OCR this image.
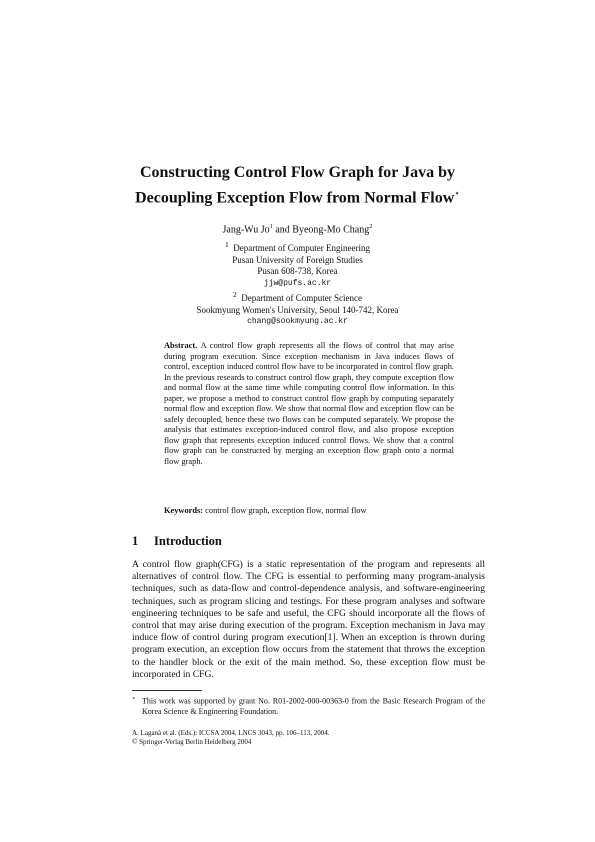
Constructing Control Flow Graph for Java by
Decoupling Exception Flow from Normal Flow⋆
Jang-Wu Jo$^1$ and Byeong-Mo Chang$^2$
$^1$ Department of Computer Engineering
Pusan University of Foreign Studies
Pusan 608-738, Korea
jjw@pufs.ac.kr
$^2$ Department of Computer Science
Sookmyung Women's University, Seoul 140-742, Korea
chang@sookmyung.ac.kr
Abstract. A control flow graph represents all the flows of control that may arise during program execution. Since exception mechanism in Java induces flows of control, exception induced control flow have to be incorporated in control flow graph. In the previous researds to construct control flow graph, they compute exception flow and normal flow at the same time while computing control flow information. In this paper, we propose a method to construct control flow graph by computing separately normal flow and exception flow. We show that normal flow and exception flow can be safely decoupled, hence these two flows can be computed separately. We propose the analysis that estimates exception-induced control flow, and also propose exception flow graph that represents exception induced control flows. We show that a control flow graph can be constructed by merging an exception flow graph onto a normal flow graph.
Keywords: control flow graph, exception flow, normal flow
1 Introduction
A control flow graph(CFG) is a static representation of the program and represents all alternatives of control flow. The CFG is essential to performing many program-analysis techniques, such as data-flow and control-dependence analysis, and software-engineering techniques, such as program slicing and testings. For these program analyses and software engineering techniques to be safe and useful, the CFG should incorporate all the flows of control that may arise during execution of the program. Exception mechanism in Java may induce flow of control during program execution[1]. When an exception is thrown during program execution, an exception flow occurs from the statement that throws the exception to the handler block or the exit of the main method. So, these exception flow must be incorporated in CFG.
⋆ This work was supported by grant No. R01-2002-000-00363-0 from the Basic Research Program of the Korea Science & Engineering Foundation.
A. Laganà et al. (Eds.): ICCSA 2004, LNCS 3043, pp. 106–113, 2004.
© Springer-Verlag Berlin Heidelberg 2004
